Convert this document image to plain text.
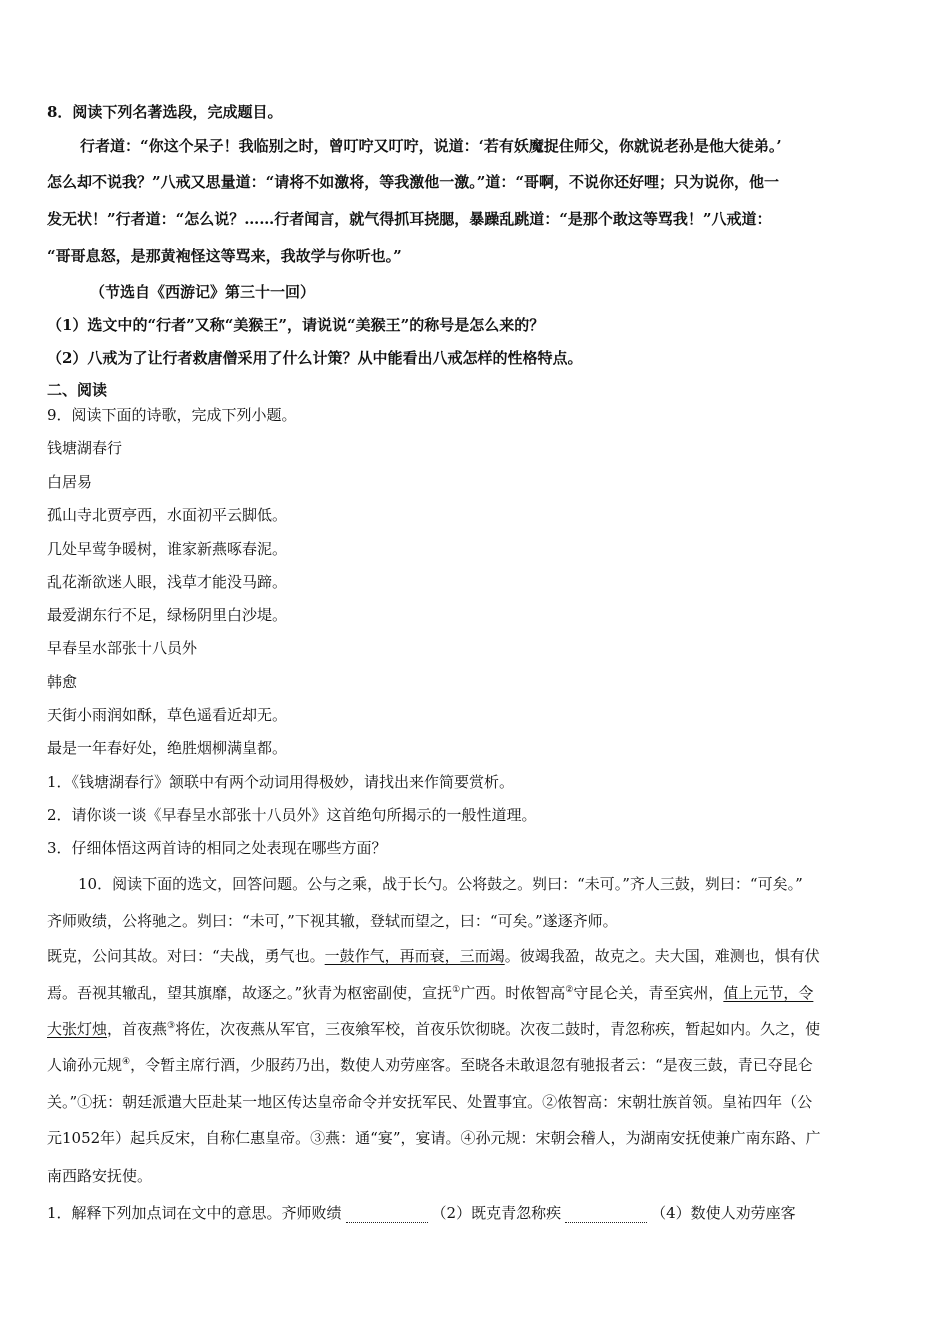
8．阅读下列名著选段，完成题目。
行者道：“你这个呆子！我临别之时，曾叮咛又叮咛，说道：‘若有妖魔捉住师父，你就说老孙是他大徒弟。’
怎么却不说我？”八戒又思量道：“请将不如激将，等我激他一激。”道：“哥啊，不说你还好哩；只为说你，他一
发无状！”行者道：“怎么说？……行者闻言，就气得抓耳挠腮，暴躁乱跳道：“是那个敢这等骂我！”八戒道：
“哥哥息怒，是那黄袍怪这等骂来，我故学与你听也。”
（节选自《西游记》第三十一回）
（1）选文中的“行者”又称“美猴王”，请说说“美猴王”的称号是怎么来的？
（2）八戒为了让行者救唐僧采用了什么计策？从中能看出八戒怎样的性格特点。
二、阅读
9．阅读下面的诗歌，完成下列小题。
钱塘湖春行
白居易
孤山寺北贾亭西，水面初平云脚低。
几处早莺争暖树，谁家新燕啄春泥。
乱花渐欲迷人眼，浅草才能没马蹄。
最爱湖东行不足，绿杨阴里白沙堤。
早春呈水部张十八员外
韩愈
天街小雨润如酥，草色遥看近却无。
最是一年春好处，绝胜烟柳满皇都。
1．《钱塘湖春行》颔联中有两个动词用得极妙，请找出来作简要赏析。
2．请你谈一谈《早春呈水部张十八员外》这首绝句所揭示的一般性道理。
3．仔细体悟这两首诗的相同之处表现在哪些方面？
10．阅读下面的选文，回答问题。公与之乘，战于长勺。公将鼓之。刿曰：“未可。”齐人三鼓，刿曰：“可矣。”
齐师败绩，公将驰之。刿曰：“未可，”下视其辙，登轼而望之，曰：“可矣。”遂逐齐师。
既克，公问其故。对曰：“夫战，勇气也。一鼓作气，再而衰，三而竭。彼竭我盈，故克之。夫大国，难测也，惧有伏
焉。吾视其辙乱，望其旗靡，故逐之。”狄青为枢密副使，宣抚①广西。时侬智高②守昆仑关，青至宾州，值上元节，令
大张灯烛，首夜燕③将佐，次夜燕从军官，三夜飨军校，首夜乐饮彻晓。次夜二鼓时，青忽称疾，暂起如内。久之，使
人谕孙元规④，令暂主席行酒，少服药乃出，数使人劝劳座客。至晓各未敢退忽有驰报者云：“是夜三鼓，青已夺昆仑
关。”①抚：朝廷派遣大臣赴某一地区传达皇帝命令并安抚军民、处置事宜。②侬智高：宋朝壮族首领。皇祐四年（公
元1052年）起兵反宋，自称仁惠皇帝。③燕：通“宴”，宴请。④孙元规：宋朝会稽人，为湖南安抚使兼广南东路、广
南西路安抚使。
1．解释下列加点词在文中的意思。齐师败绩	（2）既克青忽称疾	（4）数使人劝劳座客
